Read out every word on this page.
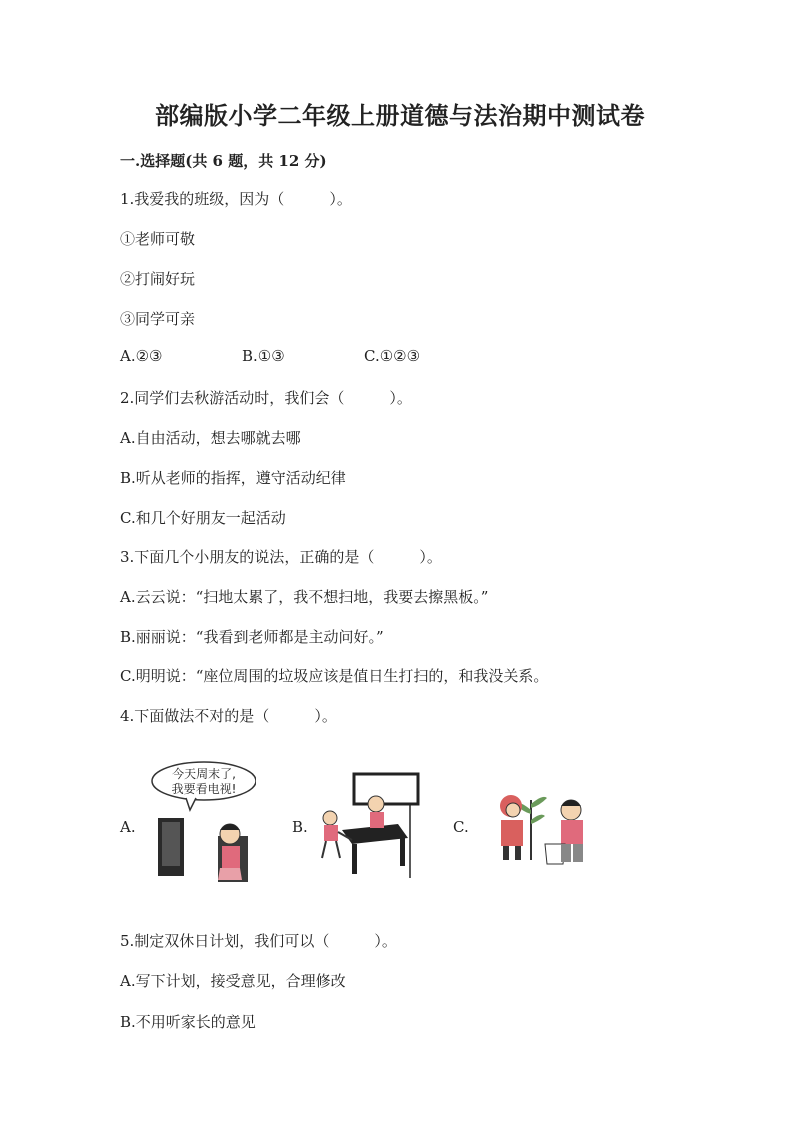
部编版小学二年级上册道德与法治期中测试卷
一.选择题(共 6 题，共 12 分)
1.我爱我的班级，因为（　　　）。
①老师可敬
②打闹好玩
③同学可亲
A.②③	B.①③	C.①②③
2.同学们去秋游活动时，我们会（　　　）。
A.自由活动，想去哪就去哪
B.听从老师的指挥，遵守活动纪律
C.和几个好朋友一起活动
3.下面几个小朋友的说法，正确的是（　　　）。
A.云云说：“扫地太累了，我不想扫地，我要去擦黑板。”
B.丽丽说：“我看到老师都是主动问好。”
C.明明说：“座位周围的垃圾应该是值日生打扫的，和我没关系。
4.下面做法不对的是（　　　）。
A.
今天周末了,
我要看电视!
B.	C.
5.制定双休日计划，我们可以（　　　）。
A.写下计划，接受意见，合理修改
B.不用听家长的意见
